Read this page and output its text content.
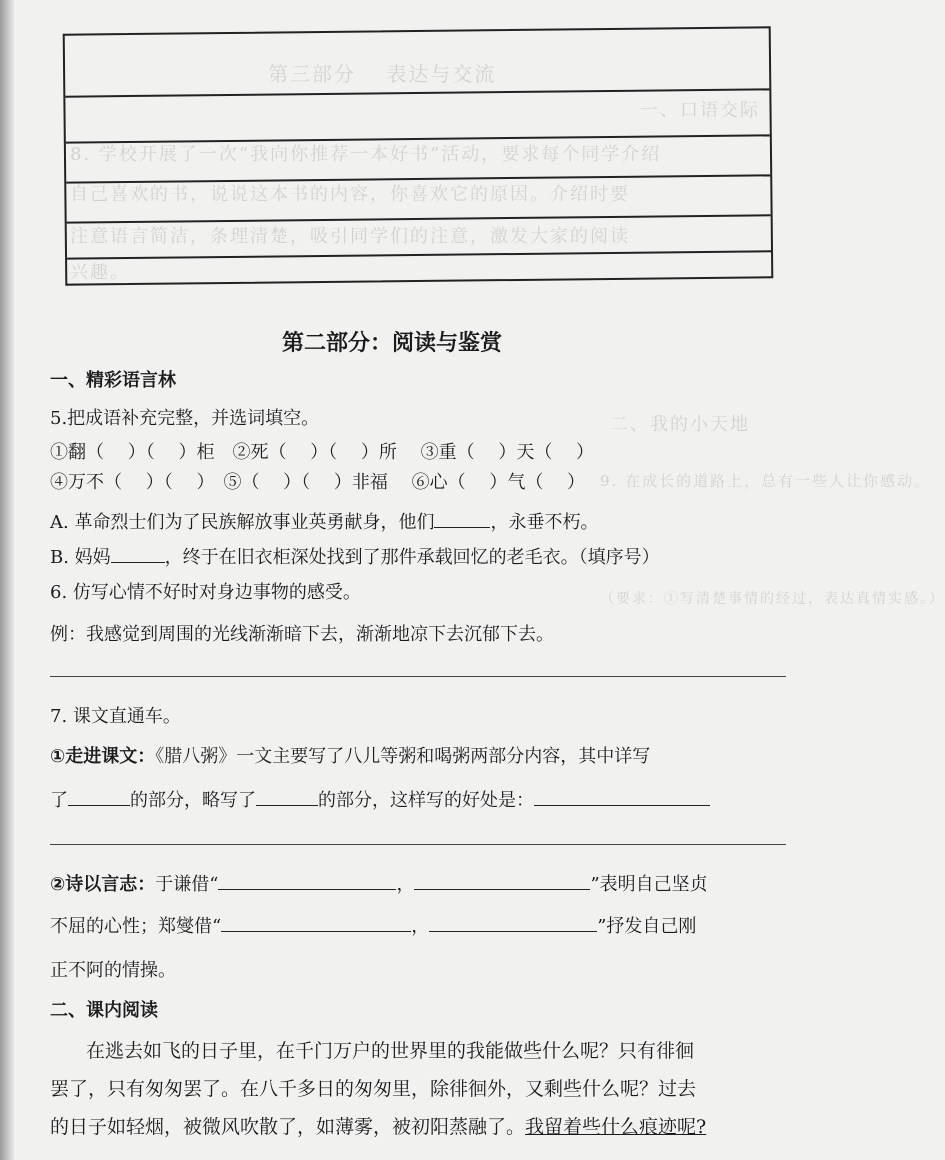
第三部分　 表达与交流
一、口语交际
8. 学校开展了一次“我向你推荐一本好书”活动，要求每个同学介绍
自己喜欢的书，说说这本书的内容，你喜欢它的原因。介绍时要
注意语言简洁，条理清楚，吸引同学们的注意，激发大家的阅读
兴趣。
二、我的小天地
9. 在成长的道路上，总有一些人让你感动。
（要求：①写清楚事情的经过，表达真情实感。）
第二部分：阅读与鉴赏
一、精彩语言林
5.把成语补充完整，并选词填空。
①翻（　 ）（　 ）柜　②死（　 ）（　 ）所　 ③重（　 ）天（　 ）
④万不（　 ）（　 ）　⑤（　 ）（　 ）非福　 ⑥心（　 ）气（　 ）
A. 革命烈士们为了民族解放事业英勇献身，他们	，永垂不朽。
B. 妈妈	，终于在旧衣柜深处找到了那件承载回忆的老毛衣。（填序号）
6. 仿写心情不好时对身边事物的感受。
例：我感觉到周围的光线渐渐暗下去，渐渐地凉下去沉郁下去。
7. 课文直通车。
①走进课文：《腊八粥》一文主要写了八儿等粥和喝粥两部分内容，其中详写
了	的部分，略写了	的部分，这样写的好处是：
②诗以言志：于谦借“	，	”表明自己坚贞
不屈的心性；郑燮借“	，	”抒发自己刚
正不阿的情操。
二、课内阅读
在逃去如飞的日子里，在千门万户的世界里的我能做些什么呢？只有徘徊
罢了，只有匆匆罢了。在八千多日的匆匆里，除徘徊外，又剩些什么呢？过去
的日子如轻烟，被微风吹散了，如薄雾，被初阳蒸融了。我留着些什么痕迹呢?
